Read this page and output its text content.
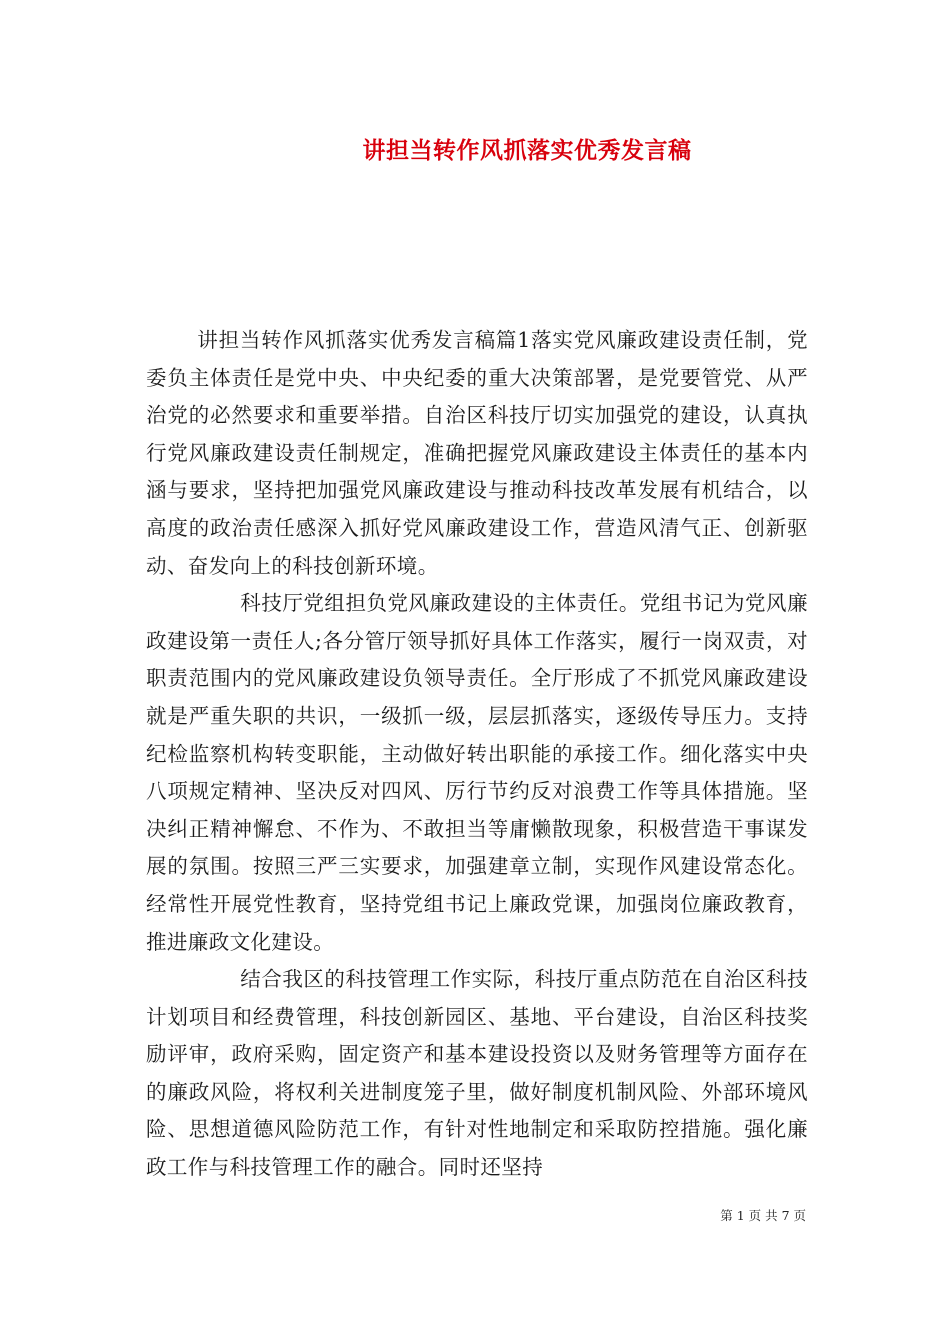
讲担当转作风抓落实优秀发言稿

讲担当转作风抓落实优秀发言稿篇1落实党风廉政建设责任制，党委负主体责任是党中央、中央纪委的重大决策部署，是党要管党、从严治党的必然要求和重要举措。自治区科技厅切实加强党的建设，认真执行党风廉政建设责任制规定，准确把握党风廉政建设主体责任的基本内涵与要求，坚持把加强党风廉政建设与推动科技改革发展有机结合，以高度的政治责任感深入抓好党风廉政建设工作，营造风清气正、创新驱动、奋发向上的科技创新环境。

科技厅党组担负党风廉政建设的主体责任。党组书记为党风廉政建设第一责任人;各分管厅领导抓好具体工作落实，履行一岗双责，对职责范围内的党风廉政建设负领导责任。全厅形成了不抓党风廉政建设就是严重失职的共识，一级抓一级，层层抓落实，逐级传导压力。支持纪检监察机构转变职能，主动做好转出职能的承接工作。细化落实中央八项规定精神、坚决反对四风、厉行节约反对浪费工作等具体措施。坚决纠正精神懈怠、不作为、不敢担当等庸懒散现象，积极营造干事谋发展的氛围。按照三严三实要求，加强建章立制，实现作风建设常态化。经常性开展党性教育，坚持党组书记上廉政党课，加强岗位廉政教育，推进廉政文化建设。

结合我区的科技管理工作实际，科技厅重点防范在自治区科技计划项目和经费管理，科技创新园区、基地、平台建设，自治区科技奖励评审，政府采购，固定资产和基本建设投资以及财务管理等方面存在的廉政风险，将权利关进制度笼子里，做好制度机制风险、外部环境风险、思想道德风险防范工作，有针对性地制定和采取防控措施。强化廉政工作与科技管理工作的融合。同时还坚持

第 1 页 共 7 页
